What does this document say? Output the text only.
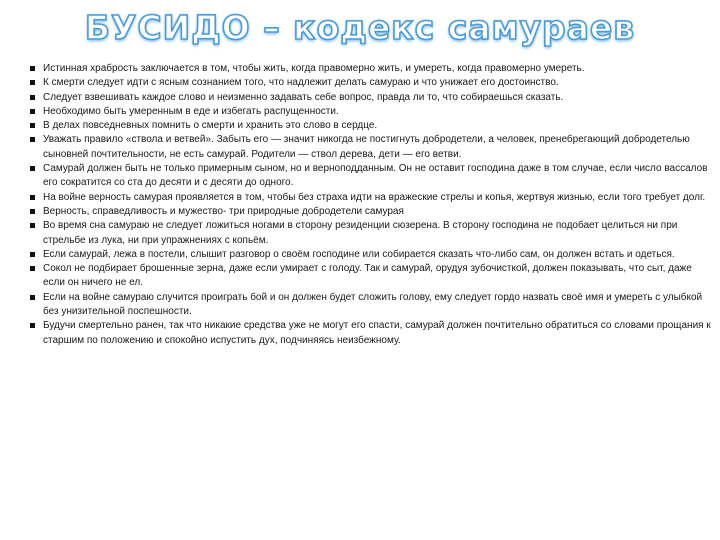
БУСИДО – кодекс самураев
Истинная храбрость заключается в том, чтобы жить, когда правомерно жить, и умереть, когда правомерно умереть.
К смерти следует идти с ясным сознанием того, что надлежит делать самураю и что унижает его достоинство.
Следует взвешивать каждое слово и неизменно задавать себе вопрос, правда ли то, что собираешься сказать.
Необходимо быть умеренным в еде и избегать распущенности.
В делах повседневных помнить о смерти и хранить это слово в сердце.
Уважать правило «ствола и ветвей». Забыть его — значит никогда не постигнуть добродетели, а человек, пренебрегающий добродетелью сыновней почтительности, не есть самурай. Родители — ствол дерева, дети — его ветви.
Самурай должен быть не только примерным сыном, но и верноподданным. Он не оставит господина даже в том случае, если число вассалов его сократится со ста до десяти и с десяти до одного.
На войне верность самурая проявляется в том, чтобы без страха идти на вражеские стрелы и копья, жертвуя жизнью, если того требует долг.
Верность, справедливость и мужество- три природные добродетели самурая
Во время сна самураю не следует ложиться ногами в сторону резиденции сюзерена. В сторону господина не подобает целиться ни при стрельбе из лука, ни при упражнениях с копьём.
Если самурай, лежа в постели, слышит разговор о своём господине или собирается сказать что-либо сам, он должен встать и одеться.
Сокол не подбирает брошенные зерна, даже если умирает с голоду. Так и самурай, орудуя зубочисткой, должен показывать, что сыт, даже если он ничего не ел.
Если на войне самураю случится проиграть бой и он должен будет сложить голову, ему следует гордо назвать своё имя и умереть с улыбкой без унизительной поспешности.
Будучи смертельно ранен, так что никакие средства уже не могут его спасти, самурай должен почтительно обратиться со словами прощания к старшим по положению и спокойно испустить дух, подчиняясь неизбежному.
